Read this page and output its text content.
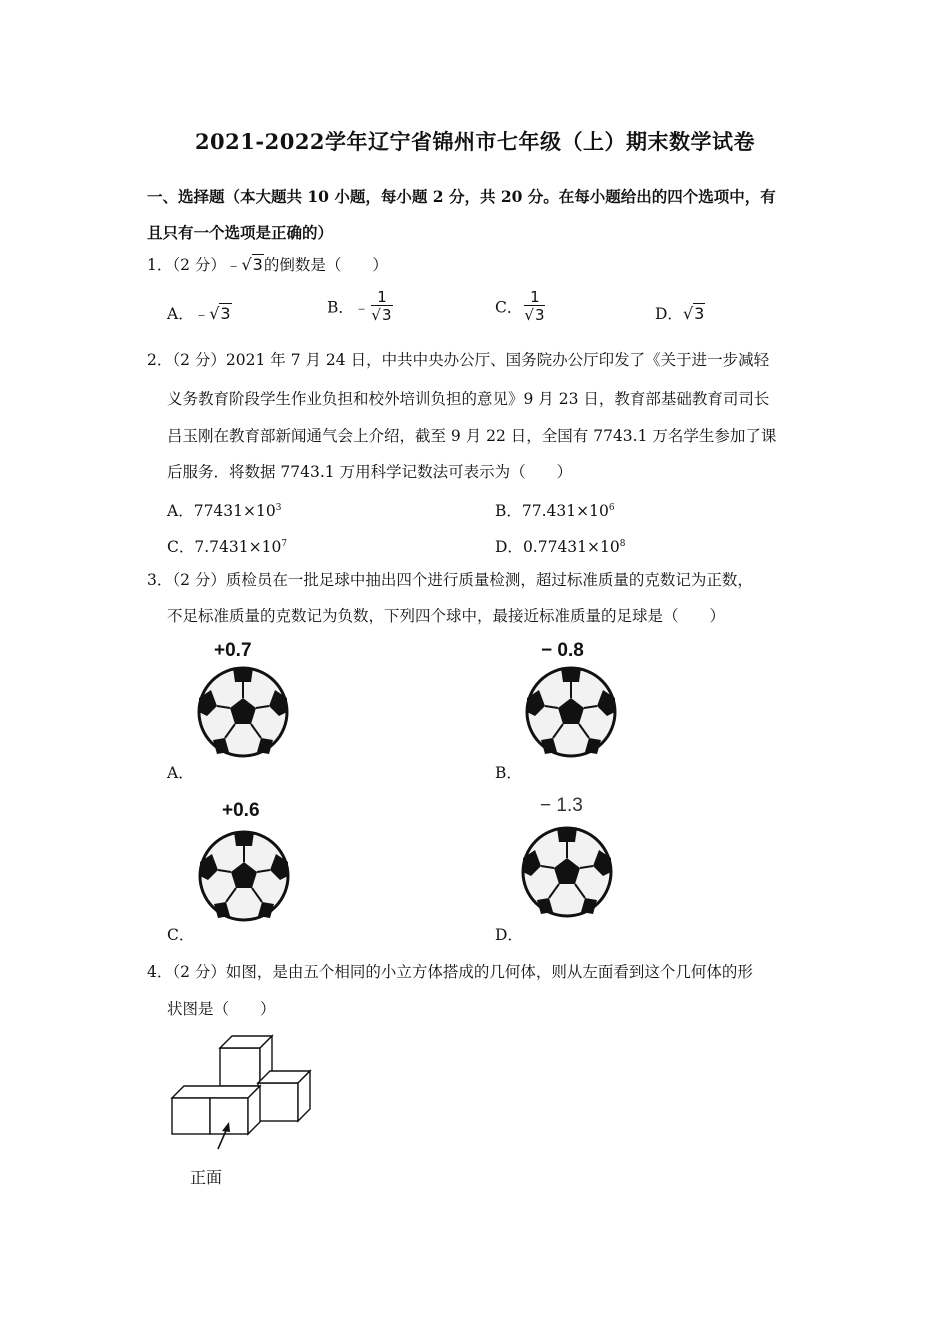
2021-2022学年辽宁省锦州市七年级（上）期末数学试卷
一、选择题（本大题共 10 小题，每小题 2 分，共 20 分。在每小题给出的四个选项中，有
且只有一个选项是正确的）
1．（2 分）﹣√3的倒数是（　　）
A．﹣√3	B．﹣ $\frac{1}{√3}$	C． $\frac{1}{√3}$	D．√3
2．（2 分）2021 年 7 月 24 日，中共中央办公厅、国务院办公厅印发了《关于进一步减轻
义务教育阶段学生作业负担和校外培训负担的意见》9 月 23 日，教育部基础教育司司长
吕玉刚在教育部新闻通气会上介绍，截至 9 月 22 日，全国有 7743.1 万名学生参加了课
后服务．将数据 7743.1 万用科学记数法可表示为（　　）
A．$77431\times 10^3$	B．$77.431\times 10^6$
C．$7.7431\times 10^7$	D．$0.77431\times 10^8$
3．（2 分）质检员在一批足球中抽出四个进行质量检测，超过标准质量的克数记为正数，
不足标准质量的克数记为负数，下列四个球中，最接近标准质量的足球是（　　）
+0.7
A．
− 0.8
B．
+0.6
C．
− 1.3
D．
4．（2 分）如图，是由五个相同的小立方体搭成的几何体，则从左面看到这个几何体的形
状图是（　　）
正面
